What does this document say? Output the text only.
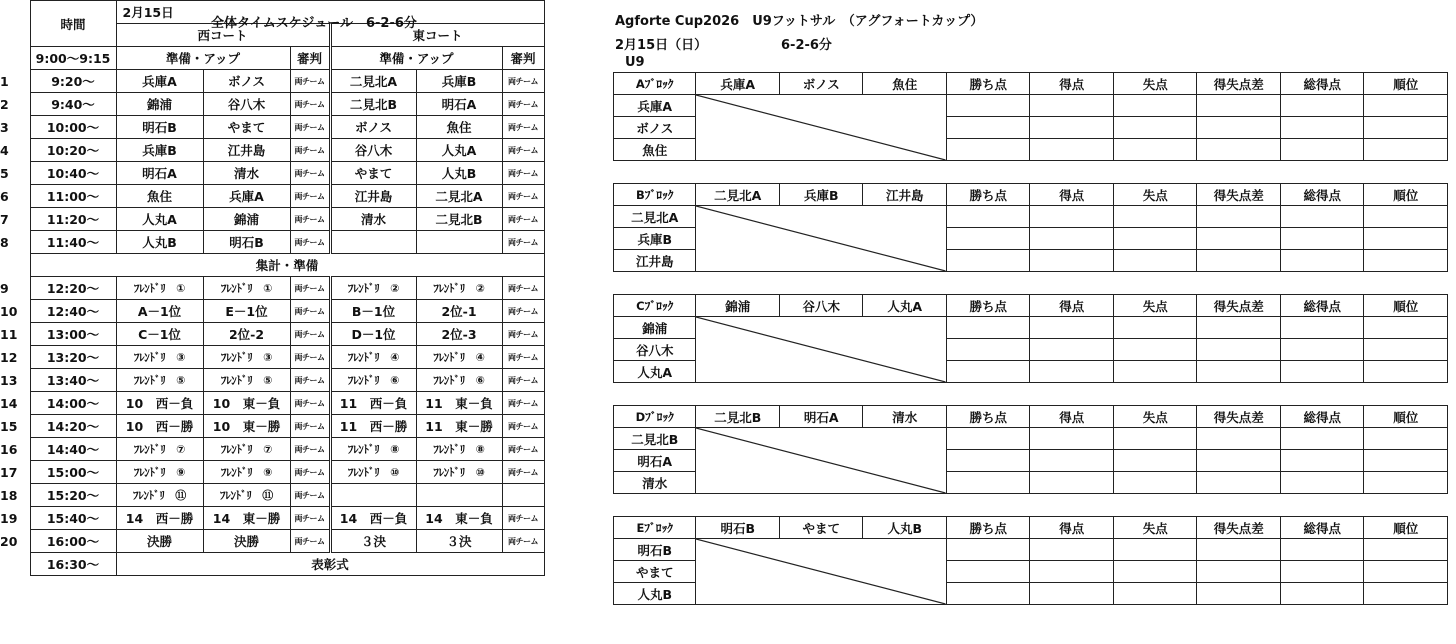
全体タイムスケジュール　6-2-6分
	時間	2月15日					
		西コート			東コート		
	9:00～9:15	準備・アップ		審判	準備・アップ		審判
1	9:20～	兵庫A	ボノス	両チーム	二見北A	兵庫B	両チーム
2	9:40～	錦浦	谷八木	両チーム	二見北B	明石A	両チーム
3	10:00～	明石B	やまて	両チーム	ボノス	魚住	両チーム
4	10:20～	兵庫B	江井島	両チーム	谷八木	人丸A	両チーム
5	10:40～	明石A	清水	両チーム	やまて	人丸B	両チーム
6	11:00～	魚住	兵庫A	両チーム	江井島	二見北A	両チーム
7	11:20～	人丸A	錦浦	両チーム	清水	二見北B	両チーム
8	11:40～	人丸B	明石B	両チーム			両チーム
	集計・準備						
9	12:20～	ﾌﾚﾝﾄﾞﾘ　①	ﾌﾚﾝﾄﾞﾘ　①	両チーム	ﾌﾚﾝﾄﾞﾘ　②	ﾌﾚﾝﾄﾞﾘ　②	両チーム
10	12:40～	A－1位	E－1位	両チーム	B－1位	2位-1	両チーム
11	13:00～	C－1位	2位-2	両チーム	D－1位	2位-3	両チーム
12	13:20～	ﾌﾚﾝﾄﾞﾘ　③	ﾌﾚﾝﾄﾞﾘ　③	両チーム	ﾌﾚﾝﾄﾞﾘ　④	ﾌﾚﾝﾄﾞﾘ　④	両チーム
13	13:40～	ﾌﾚﾝﾄﾞﾘ　⑤	ﾌﾚﾝﾄﾞﾘ　⑤	両チーム	ﾌﾚﾝﾄﾞﾘ　⑥	ﾌﾚﾝﾄﾞﾘ　⑥	両チーム
14	14:00～	10　西－負	10　東－負	両チーム	11　西－負	11　東－負	両チーム
15	14:20～	10　西－勝	10　東－勝	両チーム	11　西－勝	11　東－勝	両チーム
16	14:40～	ﾌﾚﾝﾄﾞﾘ　⑦	ﾌﾚﾝﾄﾞﾘ　⑦	両チーム	ﾌﾚﾝﾄﾞﾘ　⑧	ﾌﾚﾝﾄﾞﾘ　⑧	両チーム
17	15:00～	ﾌﾚﾝﾄﾞﾘ　⑨	ﾌﾚﾝﾄﾞﾘ　⑨	両チーム	ﾌﾚﾝﾄﾞﾘ　⑩	ﾌﾚﾝﾄﾞﾘ　⑩	両チーム
18	15:20～	ﾌﾚﾝﾄﾞﾘ　⑪	ﾌﾚﾝﾄﾞﾘ　⑪	両チーム			
19	15:40～	14　西－勝	14　東－勝	両チーム	14　西－負	14　東－負	両チーム
20	16:00～	決勝	決勝	両チーム	３決	３決	両チーム
	16:30～	表彰式					
Agforte Cup2026　U9フットサル　（アグフォートカップ）
2月15日（日）	6-2-6分
U9
Aﾌﾞﾛｯｸ	兵庫A	ボノス	魚住	勝ち点	得点	失点	得失点差	総得点	順位
兵庫A	

ボノス									
魚住									
Bﾌﾞﾛｯｸ	二見北A	兵庫B	江井島	勝ち点	得点	失点	得失点差	総得点	順位
二見北A	

兵庫B									
江井島									
Cﾌﾞﾛｯｸ	錦浦	谷八木	人丸A	勝ち点	得点	失点	得失点差	総得点	順位
錦浦	

谷八木									
人丸A									
Dﾌﾞﾛｯｸ	二見北B	明石A	清水	勝ち点	得点	失点	得失点差	総得点	順位
二見北B	

明石A									
清水									
Eﾌﾞﾛｯｸ	明石B	やまて	人丸B	勝ち点	得点	失点	得失点差	総得点	順位
明石B	

やまて									
人丸B									
